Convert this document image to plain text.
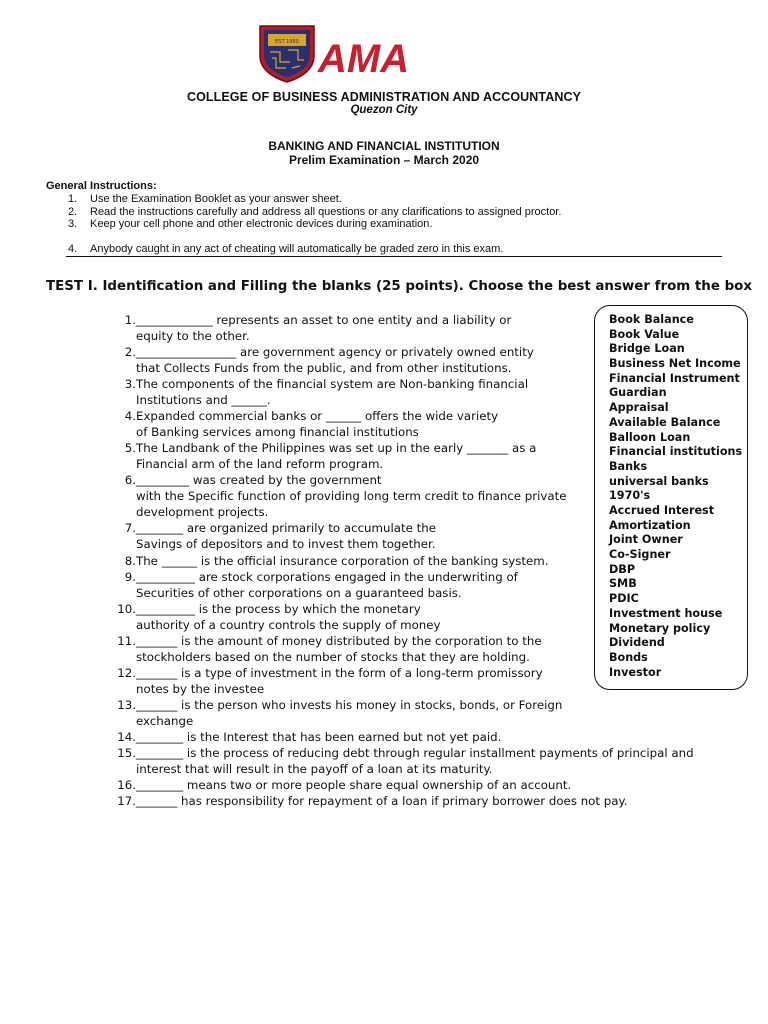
EST 1980 AMA
COLLEGE OF BUSINESS ADMINISTRATION AND ACCOUNTANCY
Quezon City
BANKING AND FINANCIAL INSTITUTION
Prelim Examination – March 2020
General Instructions:
1. Use the Examination Booklet as your answer sheet.
2. Read the instructions carefully and address all questions or any clarifications to assigned proctor.
3. Keep your cell phone and other electronic devices during examination.
4. Anybody caught in any act of cheating will automatically be graded zero in this exam.
TEST I. Identification and Filling the blanks (25 points). Choose the best answer from the box
1. _____________ represents an asset to one entity and a liability or
equity to the other.
2. _________________ are government agency or privately owned entity
that Collects Funds from the public, and from other institutions.
3. The components of the financial system are Non-banking financial
Institutions and ______.
4. Expanded commercial banks or ______ offers the wide variety
of Banking services among financial institutions
5. The Landbank of the Philippines was set up in the early _______ as a
Financial arm of the land reform program.
6. _________ was created by the government
with the Specific function of providing long term credit to finance private
development projects.
7. ________ are organized primarily to accumulate the
Savings of depositors and to invest them together.
8. The ______ is the official insurance corporation of the banking system.
9. __________ are stock corporations engaged in the underwriting of
Securities of other corporations on a guaranteed basis.
10. __________ is the process by which the monetary
authority of a country controls the supply of money
11. _______ is the amount of money distributed by the corporation to the
stockholders based on the number of stocks that they are holding.
12. _______ is a type of investment in the form of a long-term promissory
notes by the investee
13. _______ is the person who invests his money in stocks, bonds, or Foreign
exchange
14. ________ is the Interest that has been earned but not yet paid.
15. ________ is the process of reducing debt through regular installment payments of principal and
interest that will result in the payoff of a loan at its maturity.
16. ________ means two or more people share equal ownership of an account.
17. _______ has responsibility for repayment of a loan if primary borrower does not pay.
Book Balance
Book Value
Bridge Loan
Business Net Income
Financial Instrument
Guardian
Appraisal
Available Balance
Balloon Loan
Financial institutions
Banks
universal banks
1970's
Accrued Interest
Amortization
Joint Owner
Co-Signer
DBP
SMB
PDIC
Investment house
Monetary policy
Dividend
Bonds
Investor
